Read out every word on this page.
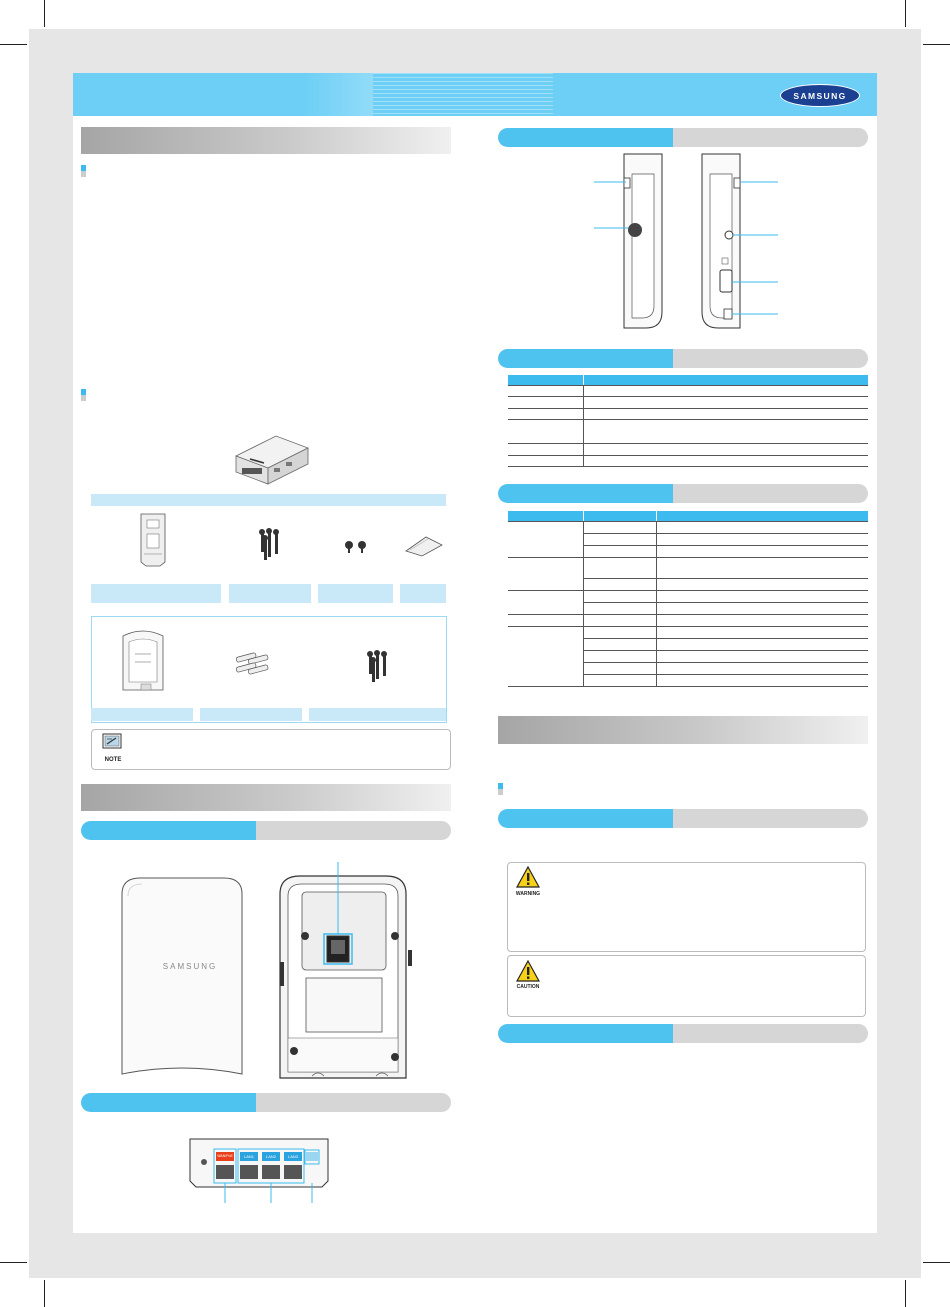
SAMSUNG
NOTE
SAMSUNG
WAN/PoE	LAN1	LAN2	LAN3

WARNING
CAUTION
